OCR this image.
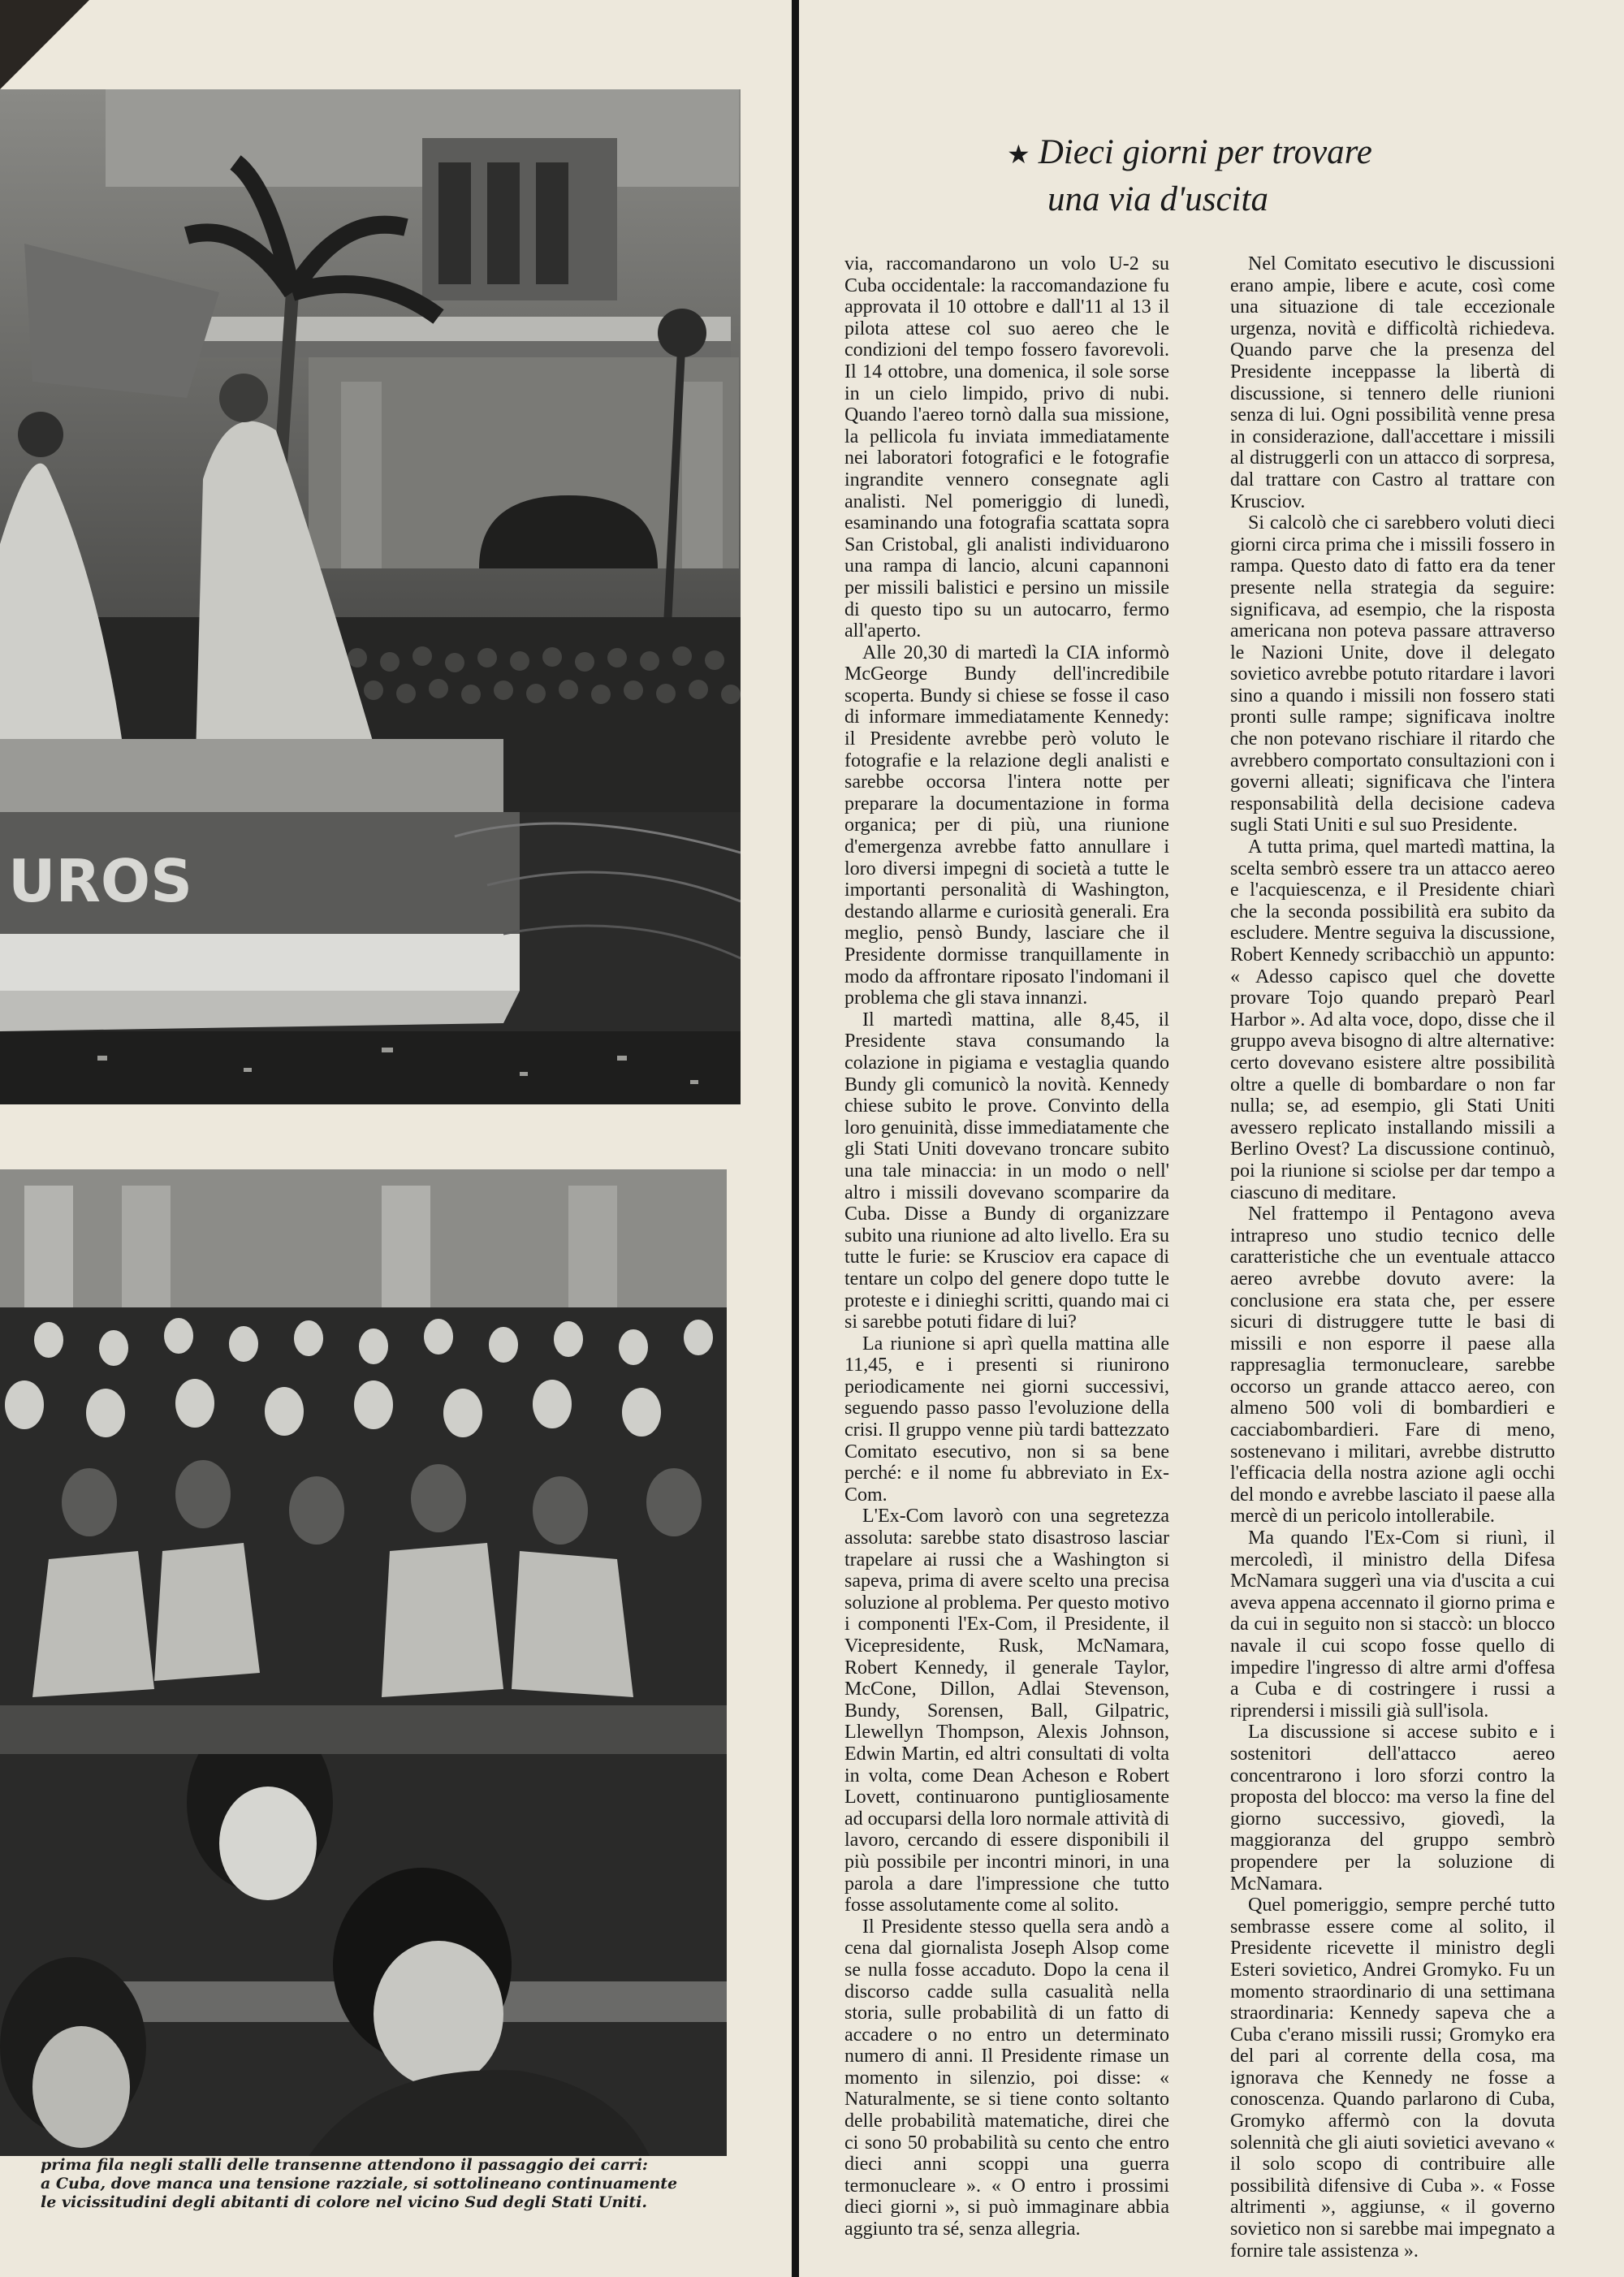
UROS
prima fila negli stalli delle transenne attendono il passaggio dei carri:
a Cuba, dove manca una tensione razziale, si sottolineano continuamente
le vicissitudini degli abitanti di colore nel vicino Sud degli Stati Uniti.
★ Dieci giorni per trovare
una via d'uscita

via, raccomandarono un volo U-2 su Cuba occidentale: la raccomandazione fu approvata il 10 ottobre e dall'11 al 13 il pilota attese col suo aereo che le condizioni del tempo fossero favorevoli. Il 14 ottobre, una domenica, il sole sorse in un cielo limpido, privo di nubi. Quando l'aereo tornò dalla sua missione, la pellicola fu inviata immediatamente nei laboratori fotografici e le fotografie ingrandite vennero consegnate agli analisti. Nel pomeriggio di lunedì, esaminando una fotografia scattata sopra San Cristobal, gli analisti individuarono una rampa di lancio, alcuni capannoni per missili balistici e persino un missile di questo tipo su un autocarro, fermo all'aperto.

Alle 20,30 di martedì la CIA informò McGeorge Bundy dell'incredibile scoperta. Bundy si chiese se fosse il caso di informare immediatamente Kennedy: il Presidente avrebbe però voluto le fotografie e la relazione degli analisti e sarebbe occorsa l'intera notte per preparare la documentazione in forma organica; per di più, una riunione d'emergenza avrebbe fatto annullare i loro diversi impegni di società a tutte le importanti personalità di Washington, destando allarme e curiosità generali. Era meglio, pensò Bundy, lasciare che il Presidente dormisse tranquillamente in modo da affrontare riposato l'indomani il problema che gli stava innanzi.

Il martedì mattina, alle 8,45, il Presidente stava consumando la colazione in pigiama e vestaglia quando Bundy gli comunicò la novità. Kennedy chiese subito le prove. Convinto della loro genuinità, disse immediatamente che gli Stati Uniti dovevano troncare subito una tale minaccia: in un modo o nell' altro i missili dovevano scomparire da Cuba. Disse a Bundy di organizzare subito una riunione ad alto livello. Era su tutte le furie: se Krusciov era capace di tentare un colpo del genere dopo tutte le proteste e i dinieghi scritti, quando mai ci si sarebbe potuti fidare di lui?

La riunione si aprì quella mattina alle 11,45, e i presenti si riunirono periodicamente nei giorni successivi, seguendo passo passo l'evoluzione della crisi. Il gruppo venne più tardi battezzato Comitato esecutivo, non si sa bene perché: e il nome fu abbreviato in Ex-Com.

L'Ex-Com lavorò con una segretezza assoluta: sarebbe stato disastroso lasciar trapelare ai russi che a Washington si sapeva, prima di avere scelto una precisa soluzione al problema. Per questo motivo i componenti l'Ex-Com, il Presidente, il Vicepresidente, Rusk, McNamara, Robert Kennedy, il generale Taylor, McCone, Dillon, Adlai Stevenson, Bundy, Sorensen, Ball, Gilpatric, Llewellyn Thompson, Alexis Johnson, Edwin Martin, ed altri consultati di volta in volta, come Dean Acheson e Robert Lovett, continuarono puntigliosamente ad occuparsi della loro normale attività di lavoro, cercando di essere disponibili il più possibile per incontri minori, in una parola a dare l'impressione che tutto fosse assolutamente come al solito.

Il Presidente stesso quella sera andò a cena dal giornalista Joseph Alsop come se nulla fosse accaduto. Dopo la cena il discorso cadde sulla casualità nella storia, sulle probabilità di un fatto di accadere o no entro un determinato numero di anni. Il Presidente rimase un momento in silenzio, poi disse: « Naturalmente, se si tiene conto soltanto delle probabilità matematiche, direi che ci sono 50 probabilità su cento che entro dieci anni scoppi una guerra termonucleare ». « O entro i prossimi dieci giorni », si può immaginare abbia aggiunto tra sé, senza allegria.

Nel Comitato esecutivo le discussioni erano ampie, libere e acute, così come una situazione di tale eccezionale urgenza, novità e difficoltà richiedeva. Quando parve che la presenza del Presidente inceppasse la libertà di discussione, si tennero delle riunioni senza di lui. Ogni possibilità venne presa in considerazione, dall'accettare i missili al distruggerli con un attacco di sorpresa, dal trattare con Castro al trattare con Krusciov.

Si calcolò che ci sarebbero voluti dieci giorni circa prima che i missili fossero in rampa. Questo dato di fatto era da tener presente nella strategia da seguire: significava, ad esempio, che la risposta americana non poteva passare attraverso le Nazioni Unite, dove il delegato sovietico avrebbe potuto ritardare i lavori sino a quando i missili non fossero stati pronti sulle rampe; significava inoltre che non potevano rischiare il ritardo che avrebbero comportato consultazioni con i governi alleati; significava che l'intera responsabilità della decisione cadeva sugli Stati Uniti e sul suo Presidente.

A tutta prima, quel martedì mattina, la scelta sembrò essere tra un attacco aereo e l'acquiescenza, e il Presidente chiarì che la seconda possibilità era subito da escludere. Mentre seguiva la discussione, Robert Kennedy scribacchiò un appunto: « Adesso capisco quel che dovette provare Tojo quando preparò Pearl Harbor ». Ad alta voce, dopo, disse che il gruppo aveva bisogno di altre alternative: certo dovevano esistere altre possibilità oltre a quelle di bombardare o non far nulla; se, ad esempio, gli Stati Uniti avessero replicato installando missili a Berlino Ovest? La discussione continuò, poi la riunione si sciolse per dar tempo a ciascuno di meditare.

Nel frattempo il Pentagono aveva intrapreso uno studio tecnico delle caratteristiche che un eventuale attacco aereo avrebbe dovuto avere: la conclusione era stata che, per essere sicuri di distruggere tutte le basi di missili e non esporre il paese alla rappresaglia termonucleare, sarebbe occorso un grande attacco aereo, con almeno 500 voli di bombardieri e cacciabombardieri. Fare di meno, sostenevano i militari, avrebbe distrutto l'efficacia della nostra azione agli occhi del mondo e avrebbe lasciato il paese alla mercè di un pericolo intollerabile.

Ma quando l'Ex-Com si riunì, il mercoledì, il ministro della Difesa McNamara suggerì una via d'uscita a cui aveva appena accennato il giorno prima e da cui in seguito non si staccò: un blocco navale il cui scopo fosse quello di impedire l'ingresso di altre armi d'offesa a Cuba e di costringere i russi a riprendersi i missili già sull'isola.

La discussione si accese subito e i sostenitori dell'attacco aereo concentrarono i loro sforzi contro la proposta del blocco: ma verso la fine del giorno successivo, giovedì, la maggioranza del gruppo sembrò propendere per la soluzione di McNamara.

Quel pomeriggio, sempre perché tutto sembrasse essere come al solito, il Presidente ricevette il ministro degli Esteri sovietico, Andrei Gromyko. Fu un momento straordinario di una settimana straordinaria: Kennedy sapeva che a Cuba c'erano missili russi; Gromyko era del pari al corrente della cosa, ma ignorava che Kennedy ne fosse a conoscenza. Quando parlarono di Cuba, Gromyko affermò con la dovuta solennità che gli aiuti sovietici avevano « il solo scopo di contribuire alle possibilità difensive di Cuba ». « Fosse altrimenti », aggiunse, « il governo sovietico non si sarebbe mai impegnato a fornire tale assistenza ».
